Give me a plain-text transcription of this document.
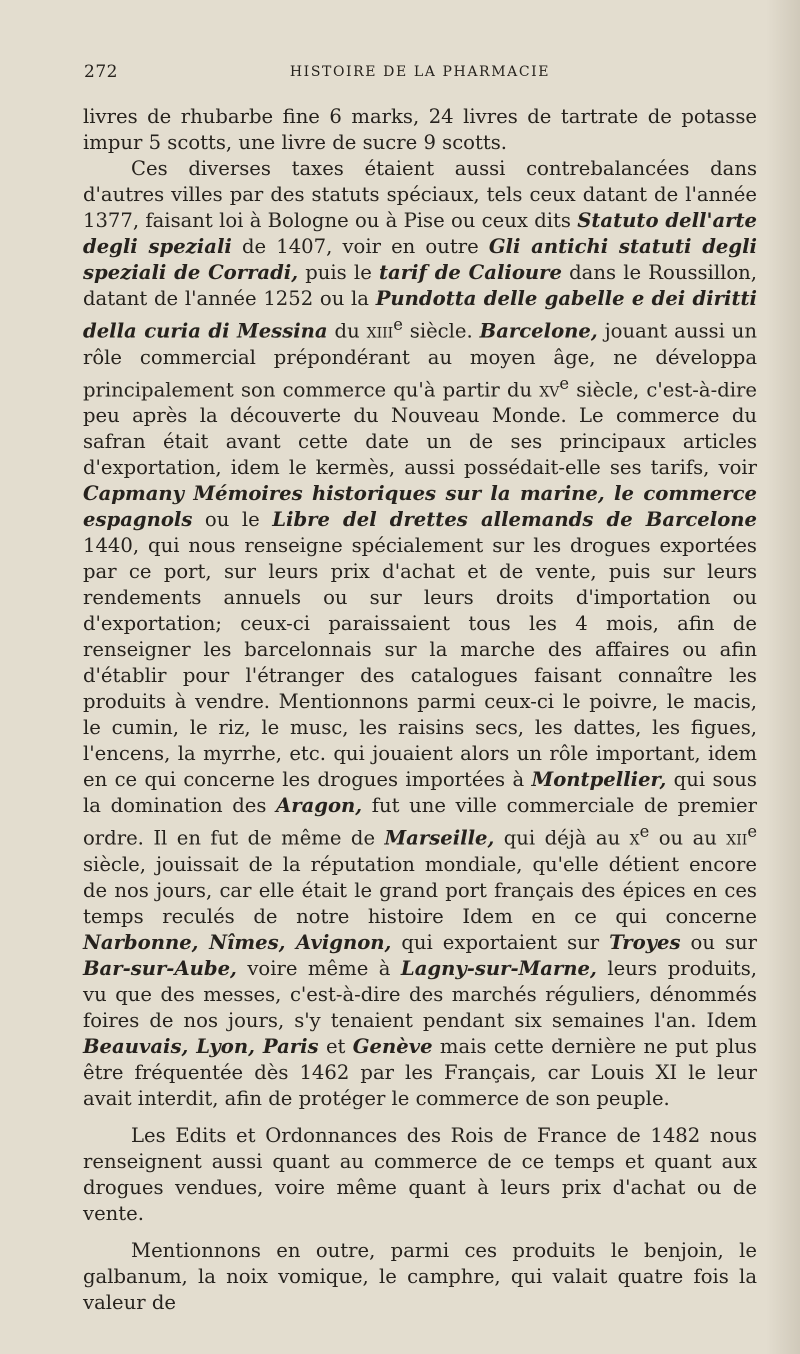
272	HISTOIRE DE LA PHARMACIE

livres de rhubarbe fine 6 marks, 24 livres de tartrate de potasse impur 5 scotts, une livre de sucre 9 scotts.

Ces diverses taxes étaient aussi contrebalancées dans d'autres villes par des statuts spéciaux, tels ceux datant de l'année 1377, faisant loi à Bologne ou à Pise ou ceux dits Statuto dell'arte degli speziali de 1407, voir en outre Gli antichi statuti degli speziali de Corradi, puis le tarif de Calioure dans le Roussillon, datant de l'année 1252 ou la Pundotta delle gabelle e dei diritti della curia di Messina du xiii$^e$ siècle. Barcelone, jouant aussi un rôle commercial prépondérant au moyen âge, ne développa principalement son commerce qu'à partir du $xv^e$ siècle, c'est-à-dire peu après la découverte du Nouveau Monde. Le commerce du safran était avant cette date un de ses principaux articles d'exportation, idem le kermès, aussi possédait-elle ses tarifs, voir Capmany Mémoires historiques sur la marine, le commerce espagnols ou le Libre del drettes allemands de Barcelone 1440, qui nous renseigne spécialement sur les drogues exportées par ce port, sur leurs prix d'achat et de vente, puis sur leurs rendements annuels ou sur leurs droits d'importation ou d'exportation; ceux-ci paraissaient tous les 4 mois, afin de renseigner les barcelonnais sur la marche des affaires ou afin d'établir pour l'étranger des catalogues faisant connaître les produits à vendre. Mentionnons parmi ceux-ci le poivre, le macis, le cumin, le riz, le musc, les raisins secs, les dattes, les figues, l'encens, la myrrhe, etc. qui jouaient alors un rôle important, idem en ce qui concerne les drogues importées à Montpellier, qui sous la domination des Aragon, fut une ville commerciale de premier ordre. Il en fut de même de Marseille, qui déjà au $x^e$ ou au xii$^e$ siècle, jouissait de la réputation mondiale, qu'elle détient encore de nos jours, car elle était le grand port français des épices en ces temps reculés de notre histoire Idem en ce qui concerne Narbonne, Nîmes, Avignon, qui exportaient sur Troyes ou sur Bar-sur-Aube, voire même à Lagny-sur-Marne, leurs produits, vu que des messes, c'est-à-dire des marchés réguliers, dénommés foires de nos jours, s'y tenaient pendant six semaines l'an. Idem Beauvais, Lyon, Paris et Genève mais cette dernière ne put plus être fréquentée dès 1462 par les Français, car Louis XI le leur avait interdit, afin de protéger le commerce de son peuple.

Les Edits et Ordonnances des Rois de France de 1482 nous renseignent aussi quant au commerce de ce temps et quant aux drogues vendues, voire même quant à leurs prix d'achat ou de vente.

Mentionnons en outre, parmi ces produits le benjoin, le galbanum, la noix vomique, le camphre, qui valait quatre fois la valeur de
